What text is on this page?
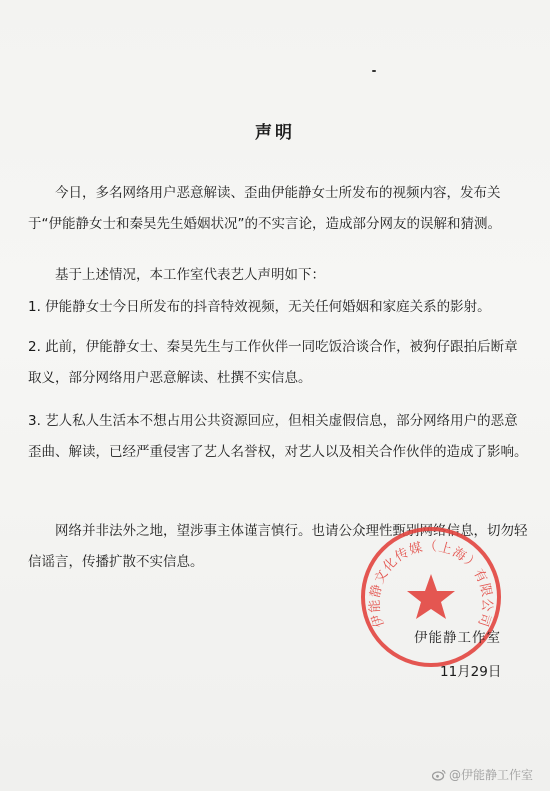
声明
今日，多名网络用户恶意解读、歪曲伊能静女士所发布的视频内容，发布关于“伊能静女士和秦昊先生婚姻状况”的不实言论，造成部分网友的误解和猜测。
基于上述情况，本工作室代表艺人声明如下：
1. 伊能静女士今日所发布的抖音特效视频，无关任何婚姻和家庭关系的影射。
2. 此前，伊能静女士、秦昊先生与工作伙伴一同吃饭洽谈合作，被狗仔跟拍后断章取义，部分网络用户恶意解读、杜撰不实信息。
3. 艺人私人生活本不想占用公共资源回应，但相关虚假信息，部分网络用户的恶意歪曲、解读，已经严重侵害了艺人名誉权，对艺人以及相关合作伙伴的造成了影响。
网络并非法外之地，望涉事主体谨言慎行。也请公众理性甄别网络信息，切勿轻信谣言，传播扩散不实信息。
伊能静文化传媒（上海）有限公司
伊能静工作室
11月29日
@伊能静工作室
